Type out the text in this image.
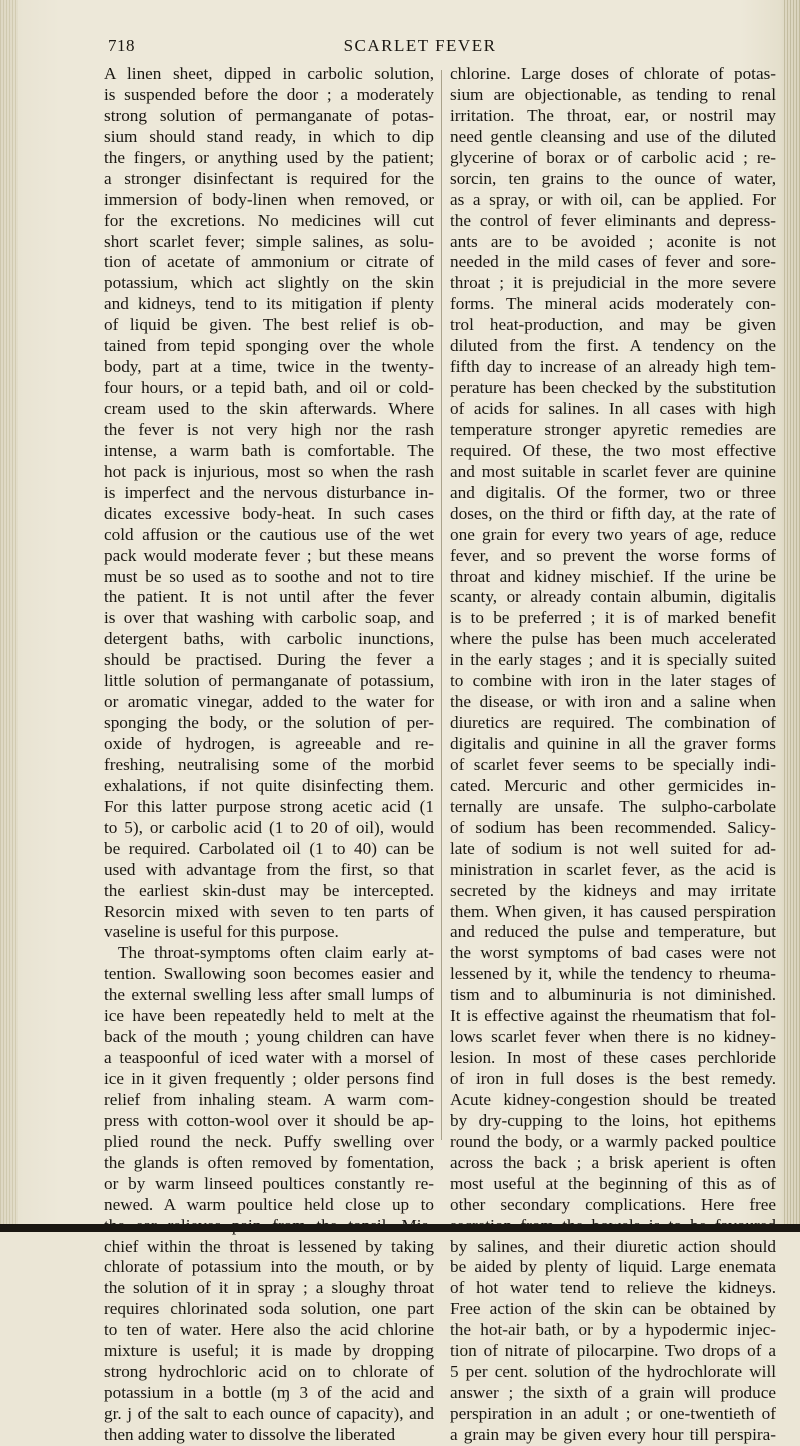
718	SCARLET FEVER
A linen sheet, dipped in carbolic solution,
is suspended before the door ; a moderately
strong solution of permanganate of potas-
sium should stand ready, in which to dip
the fingers, or anything used by the patient;
a stronger disinfectant is required for the
immersion of body-linen when removed, or
for the excretions. No medicines will cut
short scarlet fever; simple salines, as solu-
tion of acetate of ammonium or citrate of
potassium, which act slightly on the skin
and kidneys, tend to its mitigation if plenty
of liquid be given. The best relief is ob-
tained from tepid sponging over the whole
body, part at a time, twice in the twenty-
four hours, or a tepid bath, and oil or cold-
cream used to the skin afterwards. Where
the fever is not very high nor the rash
intense, a warm bath is comfortable. The
hot pack is injurious, most so when the rash
is imperfect and the nervous disturbance in-
dicates excessive body-heat. In such cases
cold affusion or the cautious use of the wet
pack would moderate fever ; but these means
must be so used as to soothe and not to tire
the patient. It is not until after the fever
is over that washing with carbolic soap, and
detergent baths, with carbolic inunctions,
should be practised. During the fever a
little solution of permanganate of potassium,
or aromatic vinegar, added to the water for
sponging the body, or the solution of per-
oxide of hydrogen, is agreeable and re-
freshing, neutralising some of the morbid
exhalations, if not quite disinfecting them.
For this latter purpose strong acetic acid (1
to 5), or carbolic acid (1 to 20 of oil), would
be required. Carbolated oil (1 to 40) can be
used with advantage from the first, so that
the earliest skin-dust may be intercepted.
Resorcin mixed with seven to ten parts of
vaseline is useful for this purpose.
The throat-symptoms often claim early at-
tention. Swallowing soon becomes easier and
the external swelling less after small lumps of
ice have been repeatedly held to melt at the
back of the mouth ; young children can have
a teaspoonful of iced water with a morsel of
ice in it given frequently ; older persons find
relief from inhaling steam. A warm com-
press with cotton-wool over it should be ap-
plied round the neck. Puffy swelling over
the glands is often removed by fomentation,
or by warm linseed poultices constantly re-
newed. A warm poultice held close up to
chief within the throat is lessened by taking
chlorate of potassium into the mouth, or by
the solution of it in spray ; a sloughy throat
requires chlorinated soda solution, one part
to ten of water. Here also the acid chlorine
mixture is useful; it is made by dropping
strong hydrochloric acid on to chlorate of
potassium in a bottle (ɱ 3 of the acid and
gr. j of the salt to each ounce of capacity), and
then adding water to dissolve the liberated
chlorine. Large doses of chlorate of potas-
sium are objectionable, as tending to renal
irritation. The throat, ear, or nostril may
need gentle cleansing and use of the diluted
glycerine of borax or of carbolic acid ; re-
sorcin, ten grains to the ounce of water,
as a spray, or with oil, can be applied. For
the control of fever eliminants and depress-
ants are to be avoided ; aconite is not
needed in the mild cases of fever and sore-
throat ; it is prejudicial in the more severe
forms. The mineral acids moderately con-
trol heat-production, and may be given
diluted from the first. A tendency on the
fifth day to increase of an already high tem-
perature has been checked by the substitution
of acids for salines. In all cases with high
temperature stronger apyretic remedies are
required. Of these, the two most effective
and most suitable in scarlet fever are quinine
and digitalis. Of the former, two or three
doses, on the third or fifth day, at the rate of
one grain for every two years of age, reduce
fever, and so prevent the worse forms of
throat and kidney mischief. If the urine be
scanty, or already contain albumin, digitalis
is to be preferred ; it is of marked benefit
where the pulse has been much accelerated
in the early stages ; and it is specially suited
to combine with iron in the later stages of
the disease, or with iron and a saline when
diuretics are required. The combination of
digitalis and quinine in all the graver forms
of scarlet fever seems to be specially indi-
cated. Mercuric and other germicides in-
ternally are unsafe. The sulpho-carbolate
of sodium has been recommended. Salicy-
late of sodium is not well suited for ad-
ministration in scarlet fever, as the acid is
secreted by the kidneys and may irritate
them. When given, it has caused perspiration
and reduced the pulse and temperature, but
the worst symptoms of bad cases were not
lessened by it, while the tendency to rheuma-
tism and to albuminuria is not diminished.
It is effective against the rheumatism that fol-
lows scarlet fever when there is no kidney-
lesion. In most of these cases perchloride
of iron in full doses is the best remedy.
Acute kidney-congestion should be treated
by dry-cupping to the loins, hot epithems
round the body, or a warmly packed poultice
across the back ; a brisk aperient is often
most useful at the beginning of this as of
other secondary complications. Here free
by salines, and their diuretic action should
be aided by plenty of liquid. Large enemata
of hot water tend to relieve the kidneys.
Free action of the skin can be obtained by
the hot-air bath, or by a hypodermic injec-
tion of nitrate of pilocarpine. Two drops of a
5 per cent. solution of the hydrochlorate will
answer ; the sixth of a grain will produce
perspiration in an adult ; or one-twentieth of
a grain may be given every hour till perspira-
